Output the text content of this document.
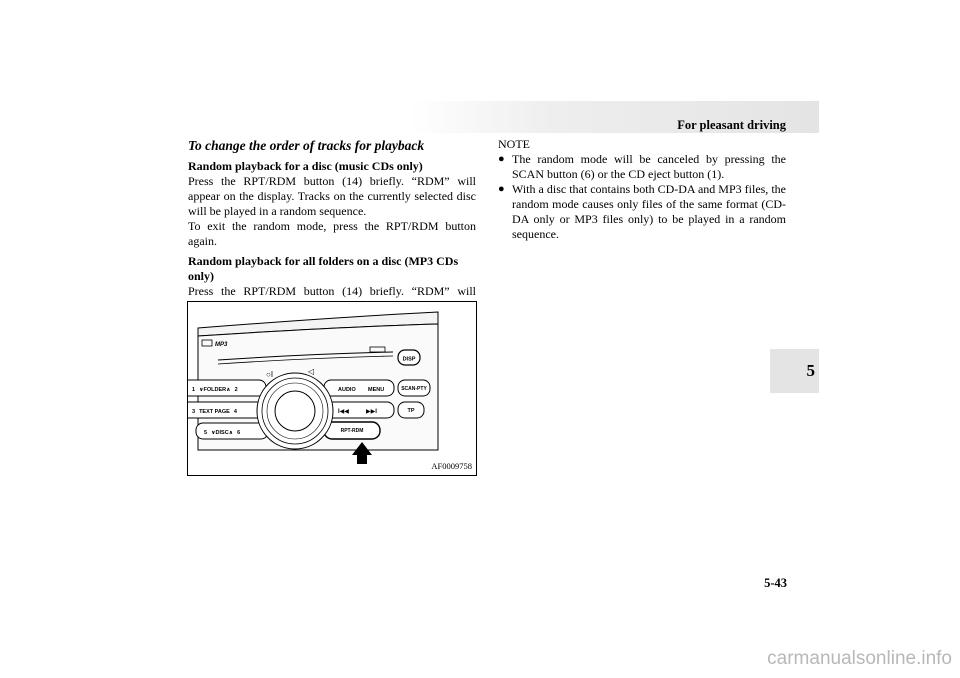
For pleasant driving
5

To change the order of tracks for playback

Random playback for a disc (music CDs only)

Press the RPT/RDM button (14) briefly. “RDM” will appear on the display. Tracks on the currently selected disc will be played in a random sequence.

To exit the random mode, press the RPT/RDM button again.

Random playback for all folders on a disc (MP3 CDs only)

Press the RPT/RDM button (14) briefly. “RDM” will

MP3
DISP
○I	◁
1 ∨FOLDER∧ 2
3 TEXT PAGE 4
5 ∨DISC∧ 6
AUDIO MENU	SCAN-PTY
I◀◀	▶▶I	TP
RPT-RDM
AF0009758

NOTE

● The random mode will be canceled by pressing the SCAN button (6) or the CD eject button (1).
● With a disc that contains both CD-DA and MP3 files, the random mode causes only files of the same format (CD-DA only or MP3 files only) to be played in a random sequence.
5-43
carmanualsonline.info
